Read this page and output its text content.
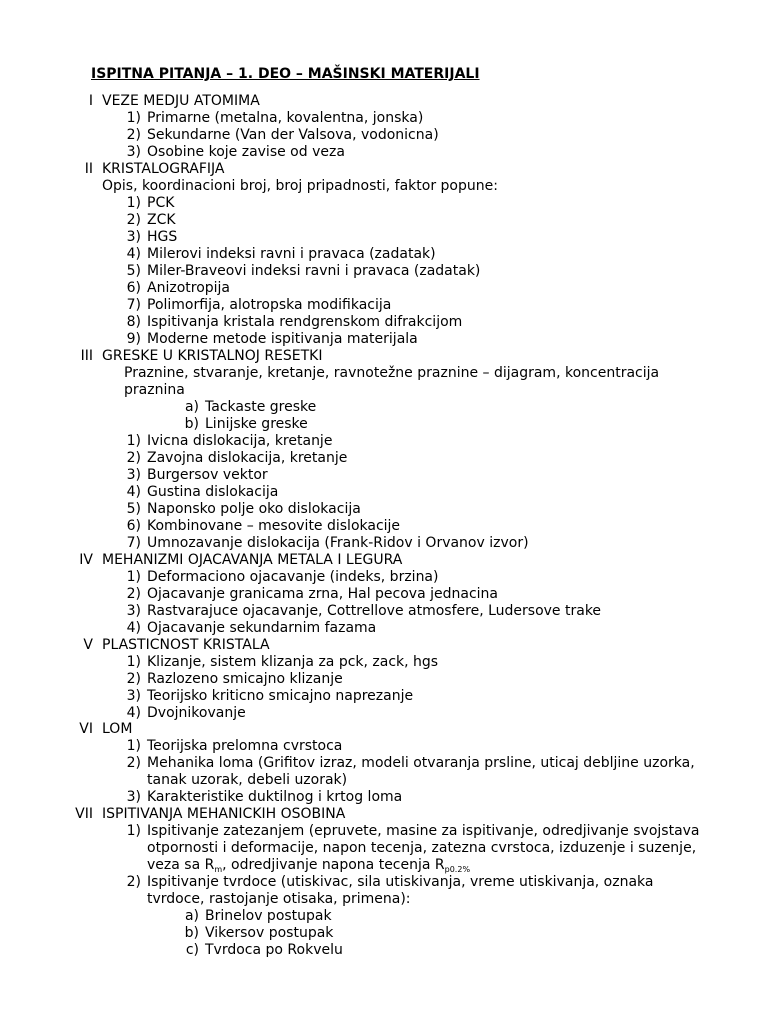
ISPITNA PITANJA – 1. DEO – MAŠINSKI MATERIJALI
I VEZE MEDJU ATOMIMA
1) Primarne (metalna, kovalentna, jonska)
2) Sekundarne (Van der Valsova, vodonicna)
3) Osobine koje zavise od veza
II KRISTALOGRAFIJA
Opis, koordinacioni broj, broj pripadnosti, faktor popune:
1) PCK
2) ZCK
3) HGS
4) Milerovi indeksi ravni i pravaca (zadatak)
5) Miler-Braveovi indeksi ravni i pravaca (zadatak)
6) Anizotropija
7) Polimorfija, alotropska modifikacija
8) Ispitivanja kristala rendgrenskom difrakcijom
9) Moderne metode ispitivanja materijala
III GRESKE U KRISTALNOJ RESETKI
Praznine, stvaranje, kretanje, ravnotežne praznine – dijagram, koncentracija
praznina
a) Tackaste greske
b) Linijske greske
1) Ivicna dislokacija, kretanje
2) Zavojna dislokacija, kretanje
3) Burgersov vektor
4) Gustina dislokacija
5) Naponsko polje oko dislokacija
6) Kombinovane – mesovite dislokacije
7) Umnozavanje dislokacija (Frank-Ridov i Orvanov izvor)
IV MEHANIZMI OJACAVANJA METALA I LEGURA
1) Deformaciono ojacavanje (indeks, brzina)
2) Ojacavanje granicama zrna, Hal pecova jednacina
3) Rastvarajuce ojacavanje, Cottrellove atmosfere, Ludersove trake
4) Ojacavanje sekundarnim fazama
V PLASTICNOST KRISTALA
1) Klizanje, sistem klizanja za pck, zack, hgs
2) Razlozeno smicajno klizanje
3) Teorijsko kriticno smicajno naprezanje
4) Dvojnikovanje
VI LOM
1) Teorijska prelomna cvrstoca
2) Mehanika loma (Grifitov izraz, modeli otvaranja prsline, uticaj debljine uzorka,
tanak uzorak, debeli uzorak)
3) Karakteristike duktilnog i krtog loma
VII ISPITIVANJA MEHANICKIH OSOBINA
1) Ispitivanje zatezanjem (epruvete, masine za ispitivanje, odredjivanje svojstava
otpornosti i deformacije, napon tecenja, zatezna cvrstoca, izduzenje i suzenje,
veza sa $R_m$, odredjivanje napona tecenja $R_{p0.2\%}$
2) Ispitivanje tvrdoce (utiskivac, sila utiskivanja, vreme utiskivanja, oznaka
tvrdoce, rastojanje otisaka, primena):
a) Brinelov postupak
b) Vikersov postupak
c) Tvrdoca po Rokvelu
